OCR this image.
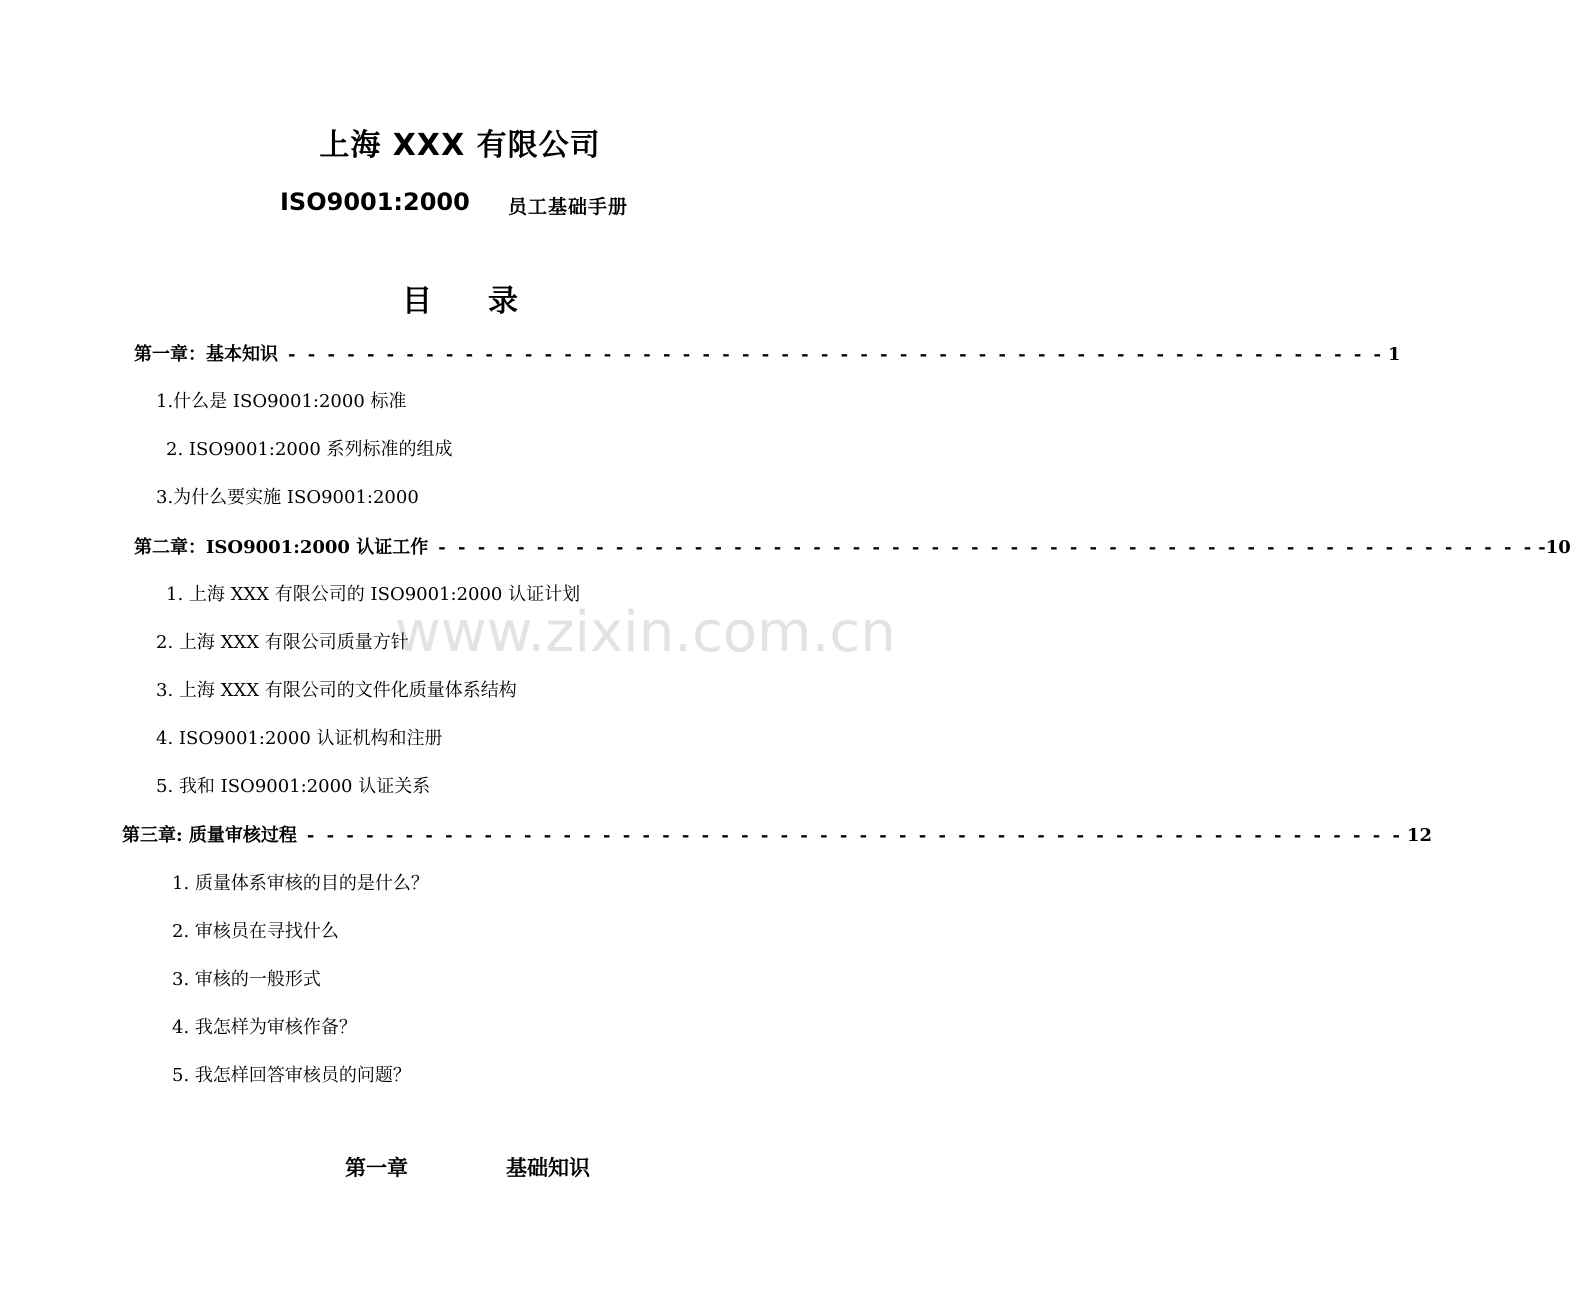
上海 XXX 有限公司
ISO9001:2000 员工基础手册
目 录
www.zixin.com.cn
第一章：基本知识 - - - - - - - - - - - - - - - - - - - - - - - - - - - - - - - - - - - - - - - - - - - - - - - - - - - - - - - - 1
1.什么是 ISO9001:2000 标准
2. ISO9001:2000 系列标准的组成
3.为什么要实施 ISO9001:2000
第二章：ISO9001:2000 认证工作 - - - - - - - - - - - - - - - - - - - - - - - - - - - - - - - - - - - - - - - - - - - - - - - - - - - - - - - - -10
1. 上海 XXX 有限公司的 ISO9001:2000 认证计划
2. 上海 XXX 有限公司质量方针
3. 上海 XXX 有限公司的文件化质量体系结构
4. ISO9001:2000 认证机构和注册
5. 我和 ISO9001:2000 认证关系
第三章: 质量审核过程 - - - - - - - - - - - - - - - - - - - - - - - - - - - - - - - - - - - - - - - - - - - - - - - - - - - - - - - - 12
1. 质量体系审核的目的是什么？
2. 审核员在寻找什么
3. 审核的一般形式
4. 我怎样为审核作备？
5. 我怎样回答审核员的问题？
第一章	基础知识
